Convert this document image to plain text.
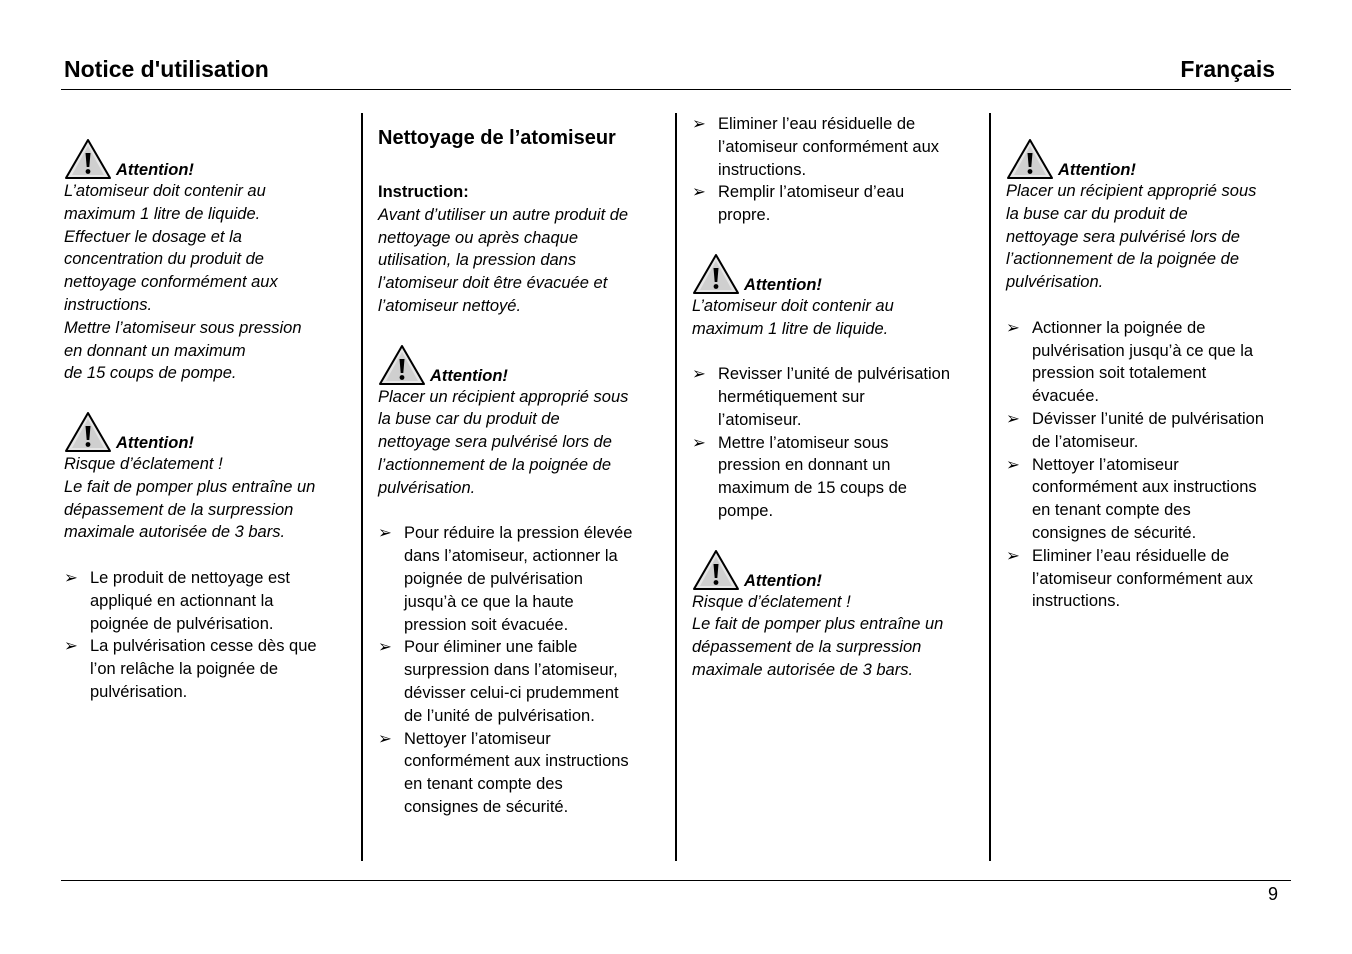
Notice d'utilisation	Français
Attention!
L’atomiseur doit contenir au
maximum 1 litre de liquide.
Effectuer le dosage et la
concentration du produit de
nettoyage conformément aux
instructions.
Mettre l’atomiseur sous pression
en donnant un maximum
de 15 coups de pompe.
Attention!
Risque d’éclatement !
Le fait de pomper plus entraîne un
dépassement de la surpression
maximale autorisée de 3 bars.
➢ Le produit de nettoyage est
appliqué en actionnant la
poignée de pulvérisation.
➢ La pulvérisation cesse dès que
l’on relâche la poignée de
pulvérisation.

Nettoyage de l’atomiseur

Instruction:

Avant d’utiliser un autre produit de
nettoyage ou après chaque
utilisation, la pression dans
l’atomiseur doit être évacuée et
l’atomiseur nettoyé.
Attention!
Placer un récipient approprié sous
la buse car du produit de
nettoyage sera pulvérisé lors de
l’actionnement de la poignée de
pulvérisation.
➢ Pour réduire la pression élevée
dans l’atomiseur, actionner la
poignée de pulvérisation
jusqu’à ce que la haute
pression soit évacuée.
➢ Pour éliminer une faible
surpression dans l’atomiseur,
dévisser celui-ci prudemment
de l’unité de pulvérisation.
➢ Nettoyer l’atomiseur
conformément aux instructions
en tenant compte des
consignes de sécurité.
➢ Eliminer l’eau résiduelle de
l’atomiseur conformément aux
instructions.
➢ Remplir l’atomiseur d’eau
propre.
Attention!
L’atomiseur doit contenir au
maximum 1 litre de liquide.
➢ Revisser l’unité de pulvérisation
hermétiquement sur
l’atomiseur.
➢ Mettre l’atomiseur sous
pression en donnant un
maximum de 15 coups de
pompe.
Attention!
Risque d’éclatement !
Le fait de pomper plus entraîne un
dépassement de la surpression
maximale autorisée de 3 bars.
Attention!
Placer un récipient approprié sous
la buse car du produit de
nettoyage sera pulvérisé lors de
l’actionnement de la poignée de
pulvérisation.
➢ Actionner la poignée de
pulvérisation jusqu’à ce que la
pression soit totalement
évacuée.
➢ Dévisser l’unité de pulvérisation
de l’atomiseur.
➢ Nettoyer l’atomiseur
conformément aux instructions
en tenant compte des
consignes de sécurité.
➢ Eliminer l’eau résiduelle de
l’atomiseur conformément aux
instructions.
9
